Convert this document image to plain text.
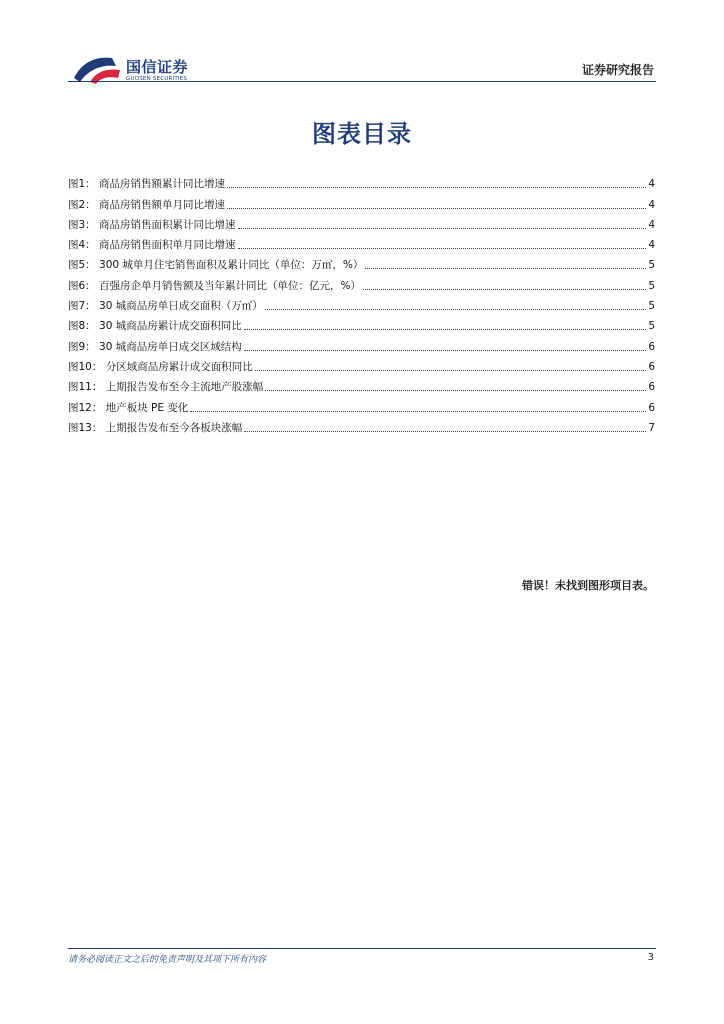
国信证券
GUOSEN SECURITIES
证券研究报告
图表目录
图1： 商品房销售额累计同比增速	4
图2： 商品房销售额单月同比增速	4
图3： 商品房销售面积累计同比增速	4
图4： 商品房销售面积单月同比增速	4
图5： 300 城单月住宅销售面积及累计同比（单位：万㎡，%）	5
图6： 百强房企单月销售额及当年累计同比（单位：亿元，%）	5
图7： 30 城商品房单日成交面积（万㎡）	5
图8： 30 城商品房累计成交面积同比	5
图9： 30 城商品房单日成交区域结构	6
图10： 分区域商品房累计成交面积同比	6
图11： 上期报告发布至今主流地产股涨幅	6
图12： 地产板块 PE 变化	6
图13： 上期报告发布至今各板块涨幅	7
错误！未找到图形项目表。
请务必阅读正文之后的免责声明及其项下所有内容	3
